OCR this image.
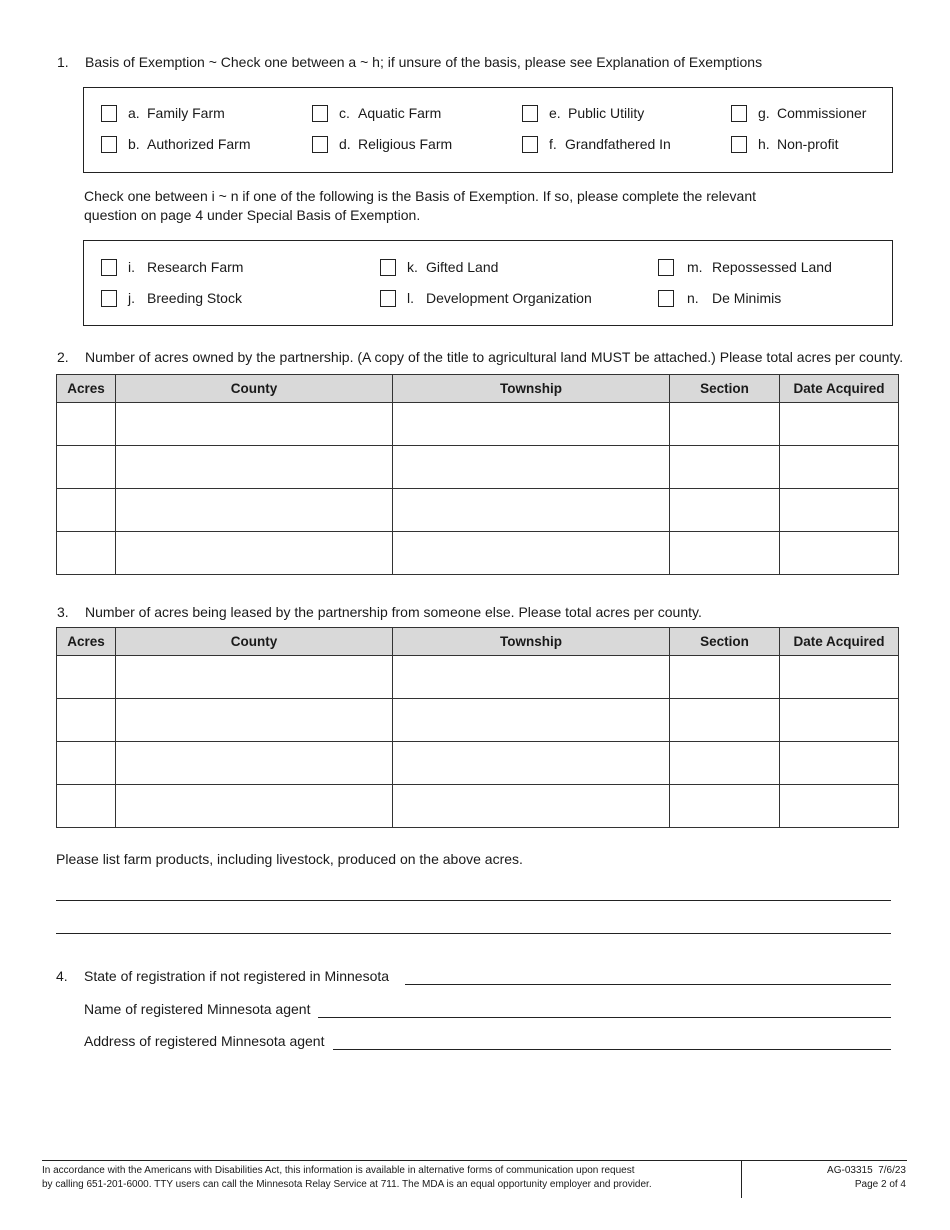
1. Basis of Exemption ~ Check one between a ~ h; if unsure of the basis, please see Explanation of Exemptions
a. Family Farm	c. Aquatic Farm	e. Public Utility	g. Commissioner
b. Authorized Farm	d. Religious Farm	f. Grandfathered In	h. Non-profit
Check one between i ~ n if one of the following is the Basis of Exemption. If so, please complete the relevant
question on page 4 under Special Basis of Exemption.
i. Research Farm	k. Gifted Land	m. Repossessed Land
j. Breeding Stock	l. Development Organization	n. De Minimis
2. Number of acres owned by the partnership. (A copy of the title to agricultural land MUST be attached.) Please total acres per county.
Acres	County	Township	Section	Date Acquired

3. Number of acres being leased by the partnership from someone else. Please total acres per county.
Acres	County	Township	Section	Date Acquired

Please list farm products, including livestock, produced on the above acres.
4. State of registration if not registered in Minnesota
Name of registered Minnesota agent
Address of registered Minnesota agent
In accordance with the Americans with Disabilities Act, this information is available in alternative forms of communication upon request
by calling 651-201-6000. TTY users can call the Minnesota Relay Service at 711. The MDA is an equal opportunity employer and provider.
AG-03315  7/6/23
Page 2 of 4
